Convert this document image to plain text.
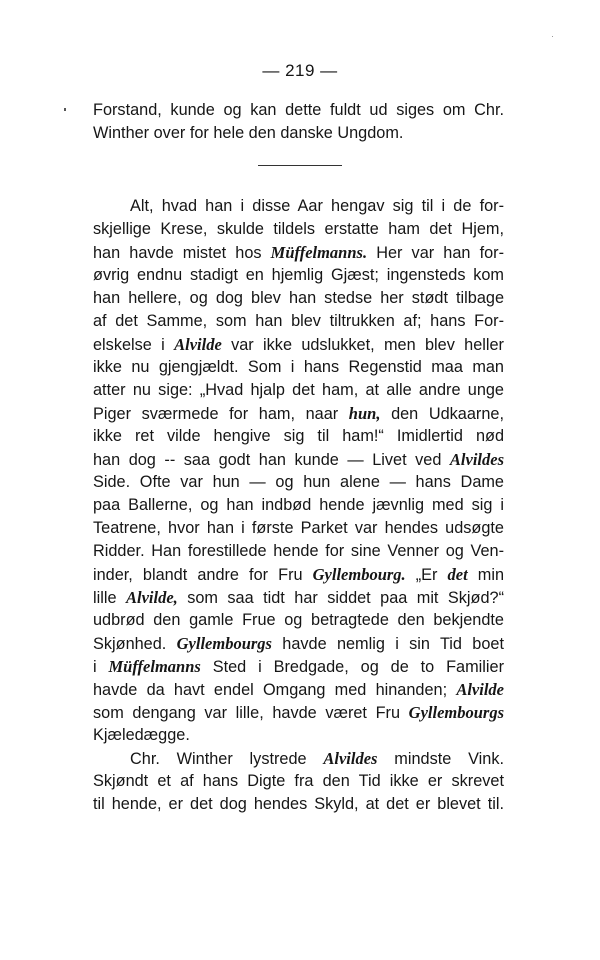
— 219 —
Forstand, kunde og kan dette fuldt ud siges om Chr.
Winther over for hele den danske Ungdom.
Alt, hvad han i disse Aar hengav sig til i de for-
skjellige Krese, skulde tildels erstatte ham det Hjem,
han havde mistet hos Müffelmanns. Her var han for-
øvrig endnu stadigt en hjemlig Gjæst; ingensteds kom
han hellere, og dog blev han stedse her stødt tilbage
af det Samme, som han blev tiltrukken af; hans For-
elskelse i Alvilde var ikke udslukket, men blev heller
ikke nu gjengjældt. Som i hans Regenstid maa man
atter nu sige: „Hvad hjalp det ham, at alle andre unge
Piger sværmede for ham, naar hun, den Udkaarne,
ikke ret vilde hengive sig til ham!“ Imidlertid nød
han dog -- saa godt han kunde — Livet ved Alvildes
Side. Ofte var hun — og hun alene — hans Dame
paa Ballerne, og han indbød hende jævnlig med sig i
Teatrene, hvor han i første Parket var hendes udsøgte
Ridder. Han forestillede hende for sine Venner og Ven-
inder, blandt andre for Fru Gyllembourg. „Er det min
lille Alvilde, som saa tidt har siddet paa mit Skjød?“
udbrød den gamle Frue og betragtede den bekjendte
Skjønhed. Gyllembourgs havde nemlig i sin Tid boet
i Müffelmanns Sted i Bredgade, og de to Familier
havde da havt endel Omgang med hinanden; Alvilde
som dengang var lille, havde været Fru Gyllembourgs
Kjæledægge.
Chr. Winther lystrede Alvildes mindste Vink.
Skjøndt et af hans Digte fra den Tid ikke er skrevet
til hende, er det dog hendes Skyld, at det er blevet til.
